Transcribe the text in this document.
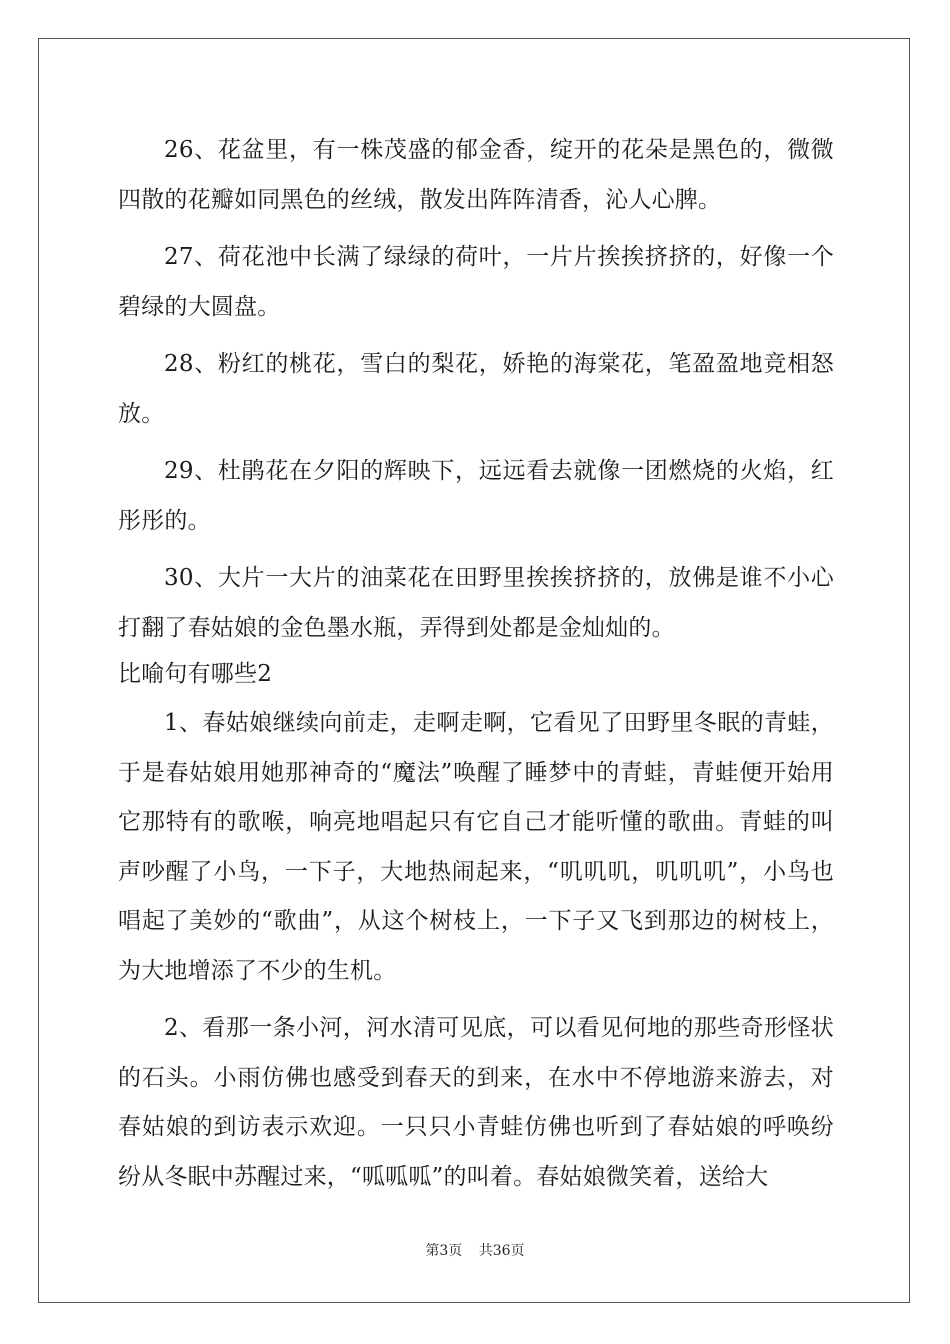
26、花盆里，有一株茂盛的郁金香，绽开的花朵是黑色的，微微四散的花瓣如同黑色的丝绒，散发出阵阵清香，沁人心脾。

27、荷花池中长满了绿绿的荷叶，一片片挨挨挤挤的，好像一个碧绿的大圆盘。

28、粉红的桃花，雪白的梨花，娇艳的海棠花，笔盈盈地竞相怒放。

29、杜鹃花在夕阳的辉映下，远远看去就像一团燃烧的火焰，红彤彤的。

30、大片一大片的油菜花在田野里挨挨挤挤的，放佛是谁不小心打翻了春姑娘的金色墨水瓶，弄得到处都是金灿灿的。

比喻句有哪些2

1、春姑娘继续向前走，走啊走啊，它看见了田野里冬眠的青蛙，于是春姑娘用她那神奇的“魔法”唤醒了睡梦中的青蛙，青蛙便开始用它那特有的歌喉，响亮地唱起只有它自己才能听懂的歌曲。青蛙的叫声吵醒了小鸟，一下子，大地热闹起来，“叽叽叽，叽叽叽”，小鸟也唱起了美妙的“歌曲”，从这个树枝上，一下子又飞到那边的树枝上，为大地增添了不少的生机。

2、看那一条小河，河水清可见底，可以看见何地的那些奇形怪状的石头。小雨仿佛也感受到春天的到来，在水中不停地游来游去，对春姑娘的到访表示欢迎。一只只小青蛙仿佛也听到了春姑娘的呼唤纷纷从冬眠中苏醒过来，“呱呱呱”的叫着。春姑娘微笑着，送给大

第3页 共36页
